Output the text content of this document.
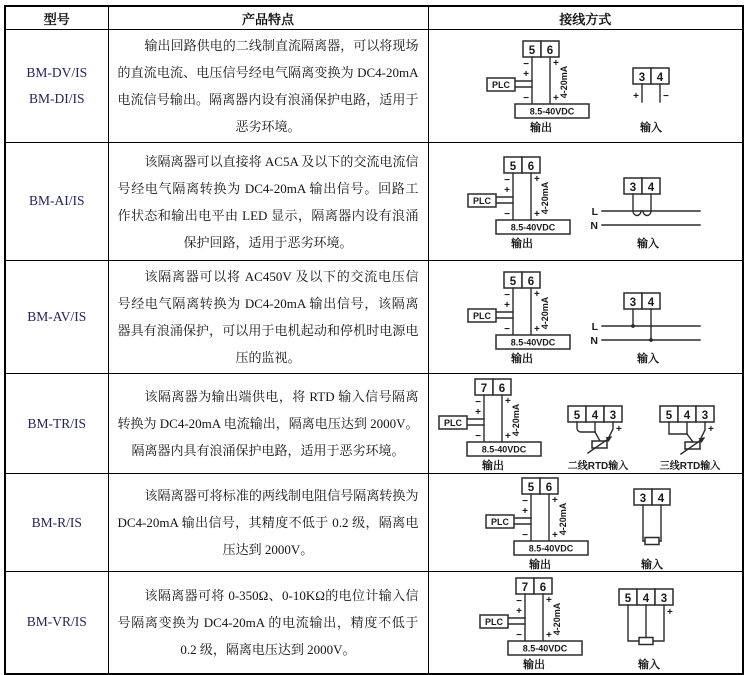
型号	产品特点	接线方式

BM-DV/IS
BM-DI/IS
	输出回路供电的二线制直流隔离器，可以将现场的直流电流、电压信号经电气隔离变换为 DC4-20mA 电流信号输出。隔离器内设有浪涌保护电路，适用于恶劣环境。	
5 6
PLC
8.5-40VDC
−
+
−
+
+
4-20mA
输出
3 4
+ −
输入

BM-AI/IS
	该隔离器可以直接将 AC5A 及以下的交流电流信号经电气隔离转换为 DC4-20mA 输出信号。回路工作状态和输出电平由 LED 显示，隔离器内设有浪涌保护回路，适用于恶劣环境。	
5 6
PLC
8.5-40VDC
−
+
−
+
+
4-20mA
输出
3 4
L
N
输入

BM-AV/IS
	该隔离器可以将 AC450V 及以下的交流电压信号经电气隔离转换为 DC4-20mA 输出信号，该隔离器具有浪涌保护，可以用于电机起动和停机时电源电压的监视。	
5 6
PLC
8.5-40VDC
−
+
−
+
+
4-20mA
输出
3 4
L
N
输入

BM-TR/IS
	该隔离器为输出端供电，将 RTD 输入信号隔离转换为 DC4-20mA 电流输出，隔离电压达到 2000V。隔离器内具有浪涌保护电路，适用于恶劣环境。	
7 6
PLC
8.5-40VDC
−
+
−
+
+
4-20mA
输出
5 4 3
+
二线RTD输入
5 4 3
+
三线RTD输入

BM-R/IS
	该隔离器可将标准的两线制电阻信号隔离转换为 DC4-20mA 输出信号，其精度不低于 0.2 级，隔离电压达到 2000V。	
5 6
PLC
8.5-40VDC
−
+
−
+
+
4-20mA
输出
3 4
输入

BM-VR/IS
	该隔离器可将 0-350Ω、0-10KΩ的电位计输入信号隔离变换为 DC4-20mA 的电流输出，精度不低于 0.2 级，隔离电压达到 2000V。	
7 6
PLC
8.5-40VDC
−
+
−
+
+
4-20mA
输出
5 4 3
+
输入
